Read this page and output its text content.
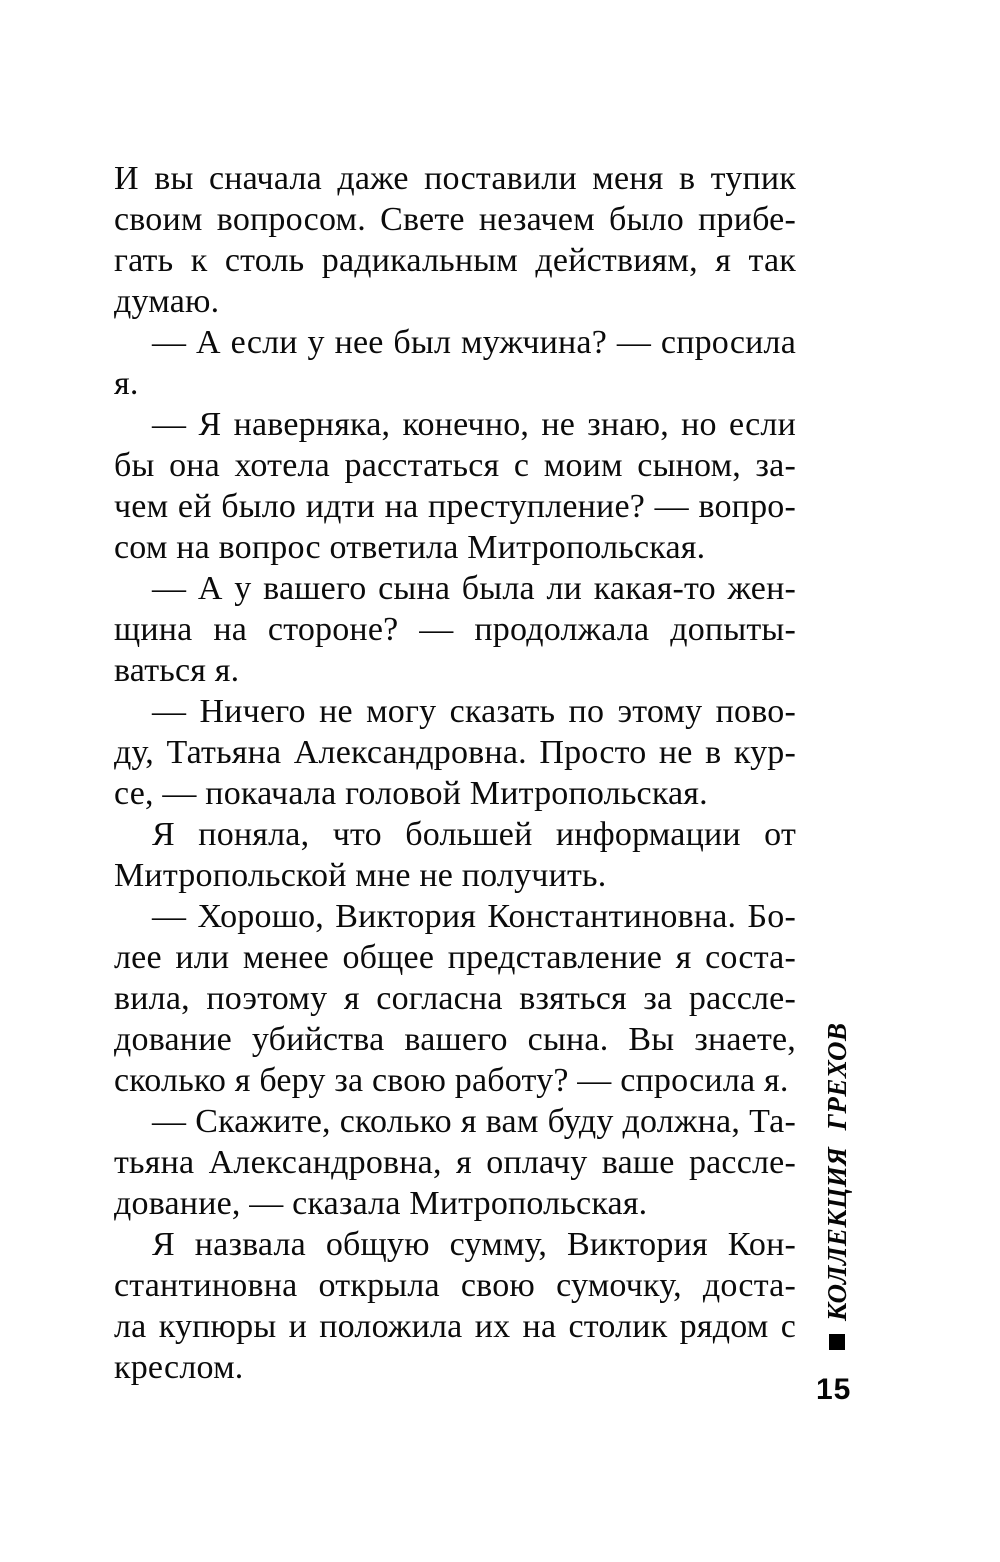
И вы сначала даже поставили меня в тупик
своим вопросом. Свете незачем было прибе-
гать к столь радикальным действиям, я так
думаю.
— А если у нее был мужчина? — спросила я.
— Я наверняка, конечно, не знаю, но если
бы она хотела расстаться с моим сыном, за-
чем ей было идти на преступление? — вопро-
сом на вопрос ответила Митропольская.
— А у вашего сына была ли какая-то жен-
щина на стороне? — продолжала допыты-
ваться я.
— Ничего не могу сказать по этому пово-
ду, Татьяна Александровна. Просто не в кур-
се, — покачала головой Митропольская.
Я поняла, что большей информации от
Митропольской мне не получить.
— Хорошо, Виктория Константиновна. Бо-
лее или менее общее представление я соста-
вила, поэтому я согласна взяться за рассле-
дование убийства вашего сына. Вы знаете,
сколько я беру за свою работу? — спросила я.
— Скажите, сколько я вам буду должна, Та-
тьяна Александровна, я оплачу ваше рассле-
дование, — сказала Митропольская.
Я назвала общую сумму, Виктория Кон-
стантиновна открыла свою сумочку, доста-
ла купюры и положила их на столик рядом с
креслом.
КОЛЛЕКЦИЯ ГРЕХОВ
15
